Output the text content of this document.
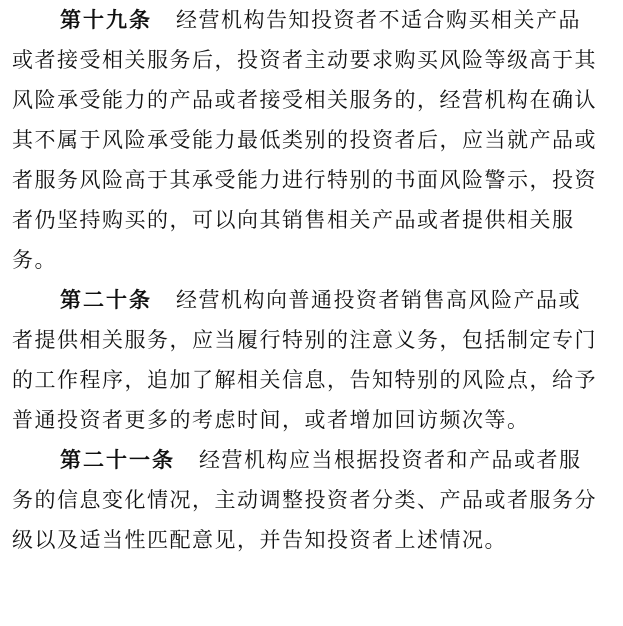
第十九条 经营机构告知投资者不适合购买相关产品
或者接受相关服务后，投资者主动要求购买风险等级高于其
风险承受能力的产品或者接受相关服务的，经营机构在确认
其不属于风险承受能力最低类别的投资者后，应当就产品或
者服务风险高于其承受能力进行特别的书面风险警示，投资
者仍坚持购买的，可以向其销售相关产品或者提供相关服
务。
第二十条 经营机构向普通投资者销售高风险产品或
者提供相关服务，应当履行特别的注意义务，包括制定专门
的工作程序，追加了解相关信息，告知特别的风险点，给予
普通投资者更多的考虑时间，或者增加回访频次等。
第二十一条 经营机构应当根据投资者和产品或者服
务的信息变化情况，主动调整投资者分类、产品或者服务分
级以及适当性匹配意见，并告知投资者上述情况。
